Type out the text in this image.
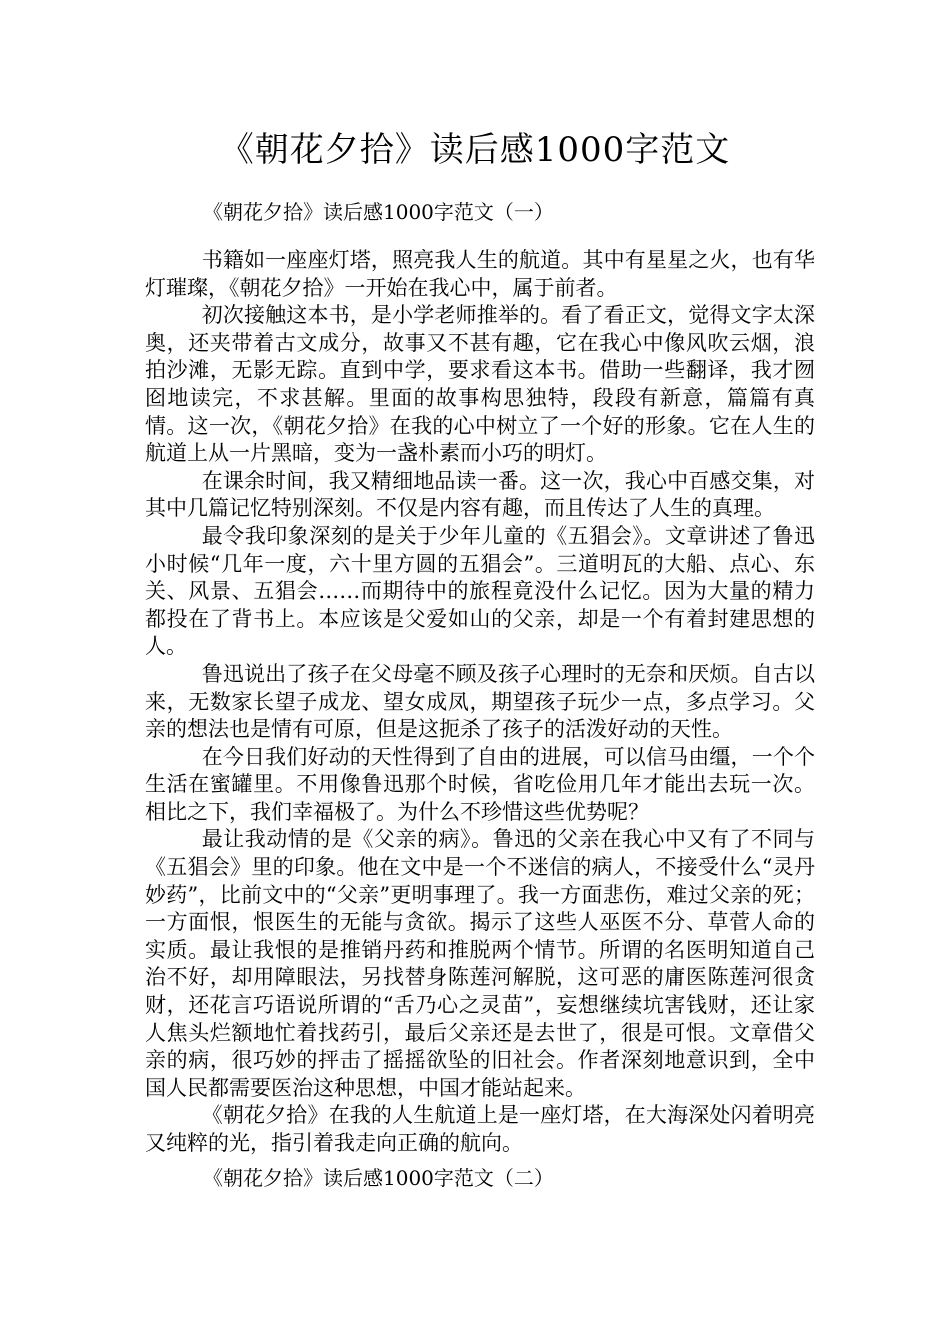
《朝花夕拾》读后感1000字范文
《朝花夕拾》读后感1000字范文（一）

书籍如一座座灯塔，照亮我人生的航道。其中有星星之火，也有华灯璀璨，《朝花夕拾》一开始在我心中，属于前者。

初次接触这本书，是小学老师推举的。看了看正文，觉得文字太深奥，还夹带着古文成分，故事又不甚有趣，它在我心中像风吹云烟，浪拍沙滩，无影无踪。直到中学，要求看这本书。借助一些翻译，我才囫囵地读完，不求甚解。里面的故事构思独特，段段有新意，篇篇有真情。这一次，《朝花夕拾》在我的心中树立了一个好的形象。它在人生的航道上从一片黑暗，变为一盏朴素而小巧的明灯。

在课余时间，我又精细地品读一番。这一次，我心中百感交集，对其中几篇记忆特别深刻。不仅是内容有趣，而且传达了人生的真理。

最令我印象深刻的是关于少年儿童的《五猖会》。文章讲述了鲁迅小时候“几年一度，六十里方圆的五猖会”。三道明瓦的大船、点心、东关、风景、五猖会……而期待中的旅程竟没什么记忆。因为大量的精力都投在了背书上。本应该是父爱如山的父亲，却是一个有着封建思想的人。

鲁迅说出了孩子在父母毫不顾及孩子心理时的无奈和厌烦。自古以来，无数家长望子成龙、望女成凤，期望孩子玩少一点，多点学习。父亲的想法也是情有可原，但是这扼杀了孩子的活泼好动的天性。

在今日我们好动的天性得到了自由的进展，可以信马由缰，一个个生活在蜜罐里。不用像鲁迅那个时候，省吃俭用几年才能出去玩一次。相比之下，我们幸福极了。为什么不珍惜这些优势呢？

最让我动情的是《父亲的病》。鲁迅的父亲在我心中又有了不同与《五猖会》里的印象。他在文中是一个不迷信的病人，不接受什么“灵丹妙药”，比前文中的“父亲”更明事理了。我一方面悲伤，难过父亲的死；一方面恨，恨医生的无能与贪欲。揭示了这些人巫医不分、草菅人命的实质。最让我恨的是推销丹药和推脱两个情节。所谓的名医明知道自己治不好，却用障眼法，另找替身陈莲河解脱，这可恶的庸医陈莲河很贪财，还花言巧语说所谓的“舌乃心之灵苗”，妄想继续坑害钱财，还让家人焦头烂额地忙着找药引，最后父亲还是去世了，很是可恨。文章借父亲的病，很巧妙的抨击了摇摇欲坠的旧社会。作者深刻地意识到，全中国人民都需要医治这种思想，中国才能站起来。

《朝花夕拾》在我的人生航道上是一座灯塔，在大海深处闪着明亮又纯粹的光，指引着我走向正确的航向。

《朝花夕拾》读后感1000字范文（二）
